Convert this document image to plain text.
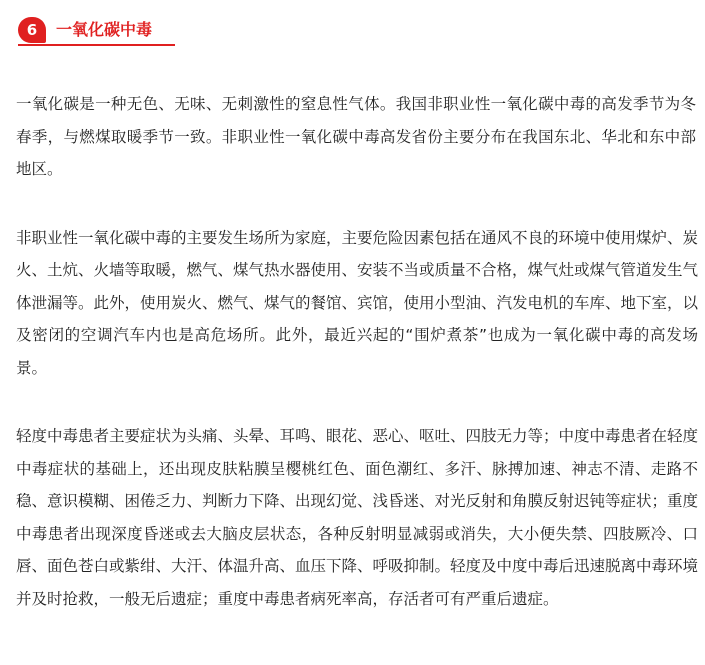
6	一氧化碳中毒

一氧化碳是一种无色、无味、无刺激性的窒息性气体。我国非职业性一氧化碳中毒的高发季节为冬春季，与燃煤取暖季节一致。非职业性一氧化碳中毒高发省份主要分布在我国东北、华北和东中部地区。

非职业性一氧化碳中毒的主要发生场所为家庭，主要危险因素包括在通风不良的环境中使用煤炉、炭火、土炕、火墙等取暖，燃气、煤气热水器使用、安装不当或质量不合格，煤气灶或煤气管道发生气体泄漏等。此外，使用炭火、燃气、煤气的餐馆、宾馆，使用小型油、汽发电机的车库、地下室，以及密闭的空调汽车内也是高危场所。此外，最近兴起的“围炉煮茶”也成为一氧化碳中毒的高发场景。

轻度中毒患者主要症状为头痛、头晕、耳鸣、眼花、恶心、呕吐、四肢无力等；中度中毒患者在轻度中毒症状的基础上，还出现皮肤粘膜呈樱桃红色、面色潮红、多汗、脉搏加速、神志不清、走路不稳、意识模糊、困倦乏力、判断力下降、出现幻觉、浅昏迷、对光反射和角膜反射迟钝等症状；重度中毒患者出现深度昏迷或去大脑皮层状态，各种反射明显减弱或消失，大小便失禁、四肢厥冷、口唇、面色苍白或紫绀、大汗、体温升高、血压下降、呼吸抑制。轻度及中度中毒后迅速脱离中毒环境并及时抢救，一般无后遗症；重度中毒患者病死率高，存活者可有严重后遗症。
